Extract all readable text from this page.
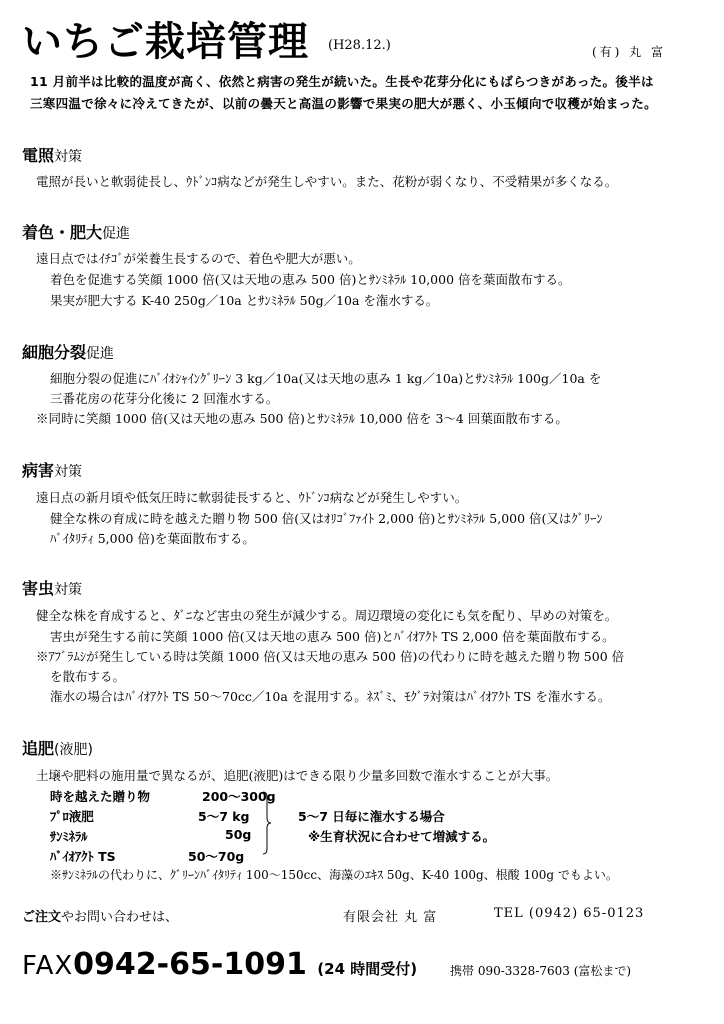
いちご栽培管理 (H28.12.)	(有) 丸 富
11 月前半は比較的温度が高く、依然と病害の発生が続いた。生長や花芽分化にもばらつきがあった。後半は
三寒四温で徐々に冷えてきたが、以前の曇天と高温の影響で果実の肥大が悪く、小玉傾向で収穫が始まった。
電照対策
電照が長いと軟弱徒長し、ｳﾄﾞﾝｺ病などが発生しやすい。また、花粉が弱くなり、不受精果が多くなる。
着色・肥大促進
遠日点ではｲﾁｺﾞが栄養生長するので、着色や肥大が悪い。
着色を促進する笑顔 1000 倍(又は天地の恵み 500 倍)とｻﾝﾐﾈﾗﾙ 10,000 倍を葉面散布する。
果実が肥大する K-40 250g／10a とｻﾝﾐﾈﾗﾙ 50g／10a を潅水する。
細胞分裂促進
細胞分裂の促進にﾊﾞｲｵｼｬｲﾝｸﾞﾘｰﾝ 3 kg／10a(又は天地の恵み 1 kg／10a)とｻﾝﾐﾈﾗﾙ 100g／10a を
三番花房の花芽分化後に 2 回潅水する。
※同時に笑顔 1000 倍(又は天地の恵み 500 倍)とｻﾝﾐﾈﾗﾙ 10,000 倍を 3～4 回葉面散布する。
病害対策
遠日点の新月頃や低気圧時に軟弱徒長すると、ｳﾄﾞﾝｺ病などが発生しやすい。
健全な株の育成に時を越えた贈り物 500 倍(又はｵﾘｺﾞﾌｧｲﾄ 2,000 倍)とｻﾝﾐﾈﾗﾙ 5,000 倍(又はｸﾞﾘｰﾝ
ﾊﾞｲﾀﾘﾃｨ 5,000 倍)を葉面散布する。
害虫対策
健全な株を育成すると、ﾀﾞﾆなど害虫の発生が減少する。周辺環境の変化にも気を配り、早めの対策を。
害虫が発生する前に笑顔 1000 倍(又は天地の恵み 500 倍)とﾊﾞｲｵｱｸﾄ TS 2,000 倍を葉面散布する。
※ｱﾌﾞﾗﾑｼが発生している時は笑顔 1000 倍(又は天地の恵み 500 倍)の代わりに時を越えた贈り物 500 倍
を散布する。
潅水の場合はﾊﾞｲｵｱｸﾄ TS 50～70cc／10a を混用する。ﾈｽﾞﾐ、ﾓｸﾞﾗ対策はﾊﾞｲｵｱｸﾄ TS を潅水する。
追肥(液肥)
土壌や肥料の施用量で異なるが、追肥(液肥)はできる限り少量多回数で潅水することが大事。
時を越えた贈り物	200～300g
ﾌﾟﾛ液肥	5～7 kg
ｻﾝﾐﾈﾗﾙ	50g
ﾊﾞｲｵｱｸﾄ TS	50～70g
5～7 日毎に潅水する場合
※生育状況に合わせて増減する。
※ｻﾝﾐﾈﾗﾙの代わりに、ｸﾞﾘｰﾝﾊﾞｲﾀﾘﾃｨ 100～150cc、海藻のｴｷｽ 50g、K-40 100g、根酸 100g でもよい。
ご注文やお問い合わせは、	有限会社 丸 富	TEL (0942) 65-0123
FAX0942-65-1091 (24 時間受付)	携帯 090-3328-7603 (富松まで)
